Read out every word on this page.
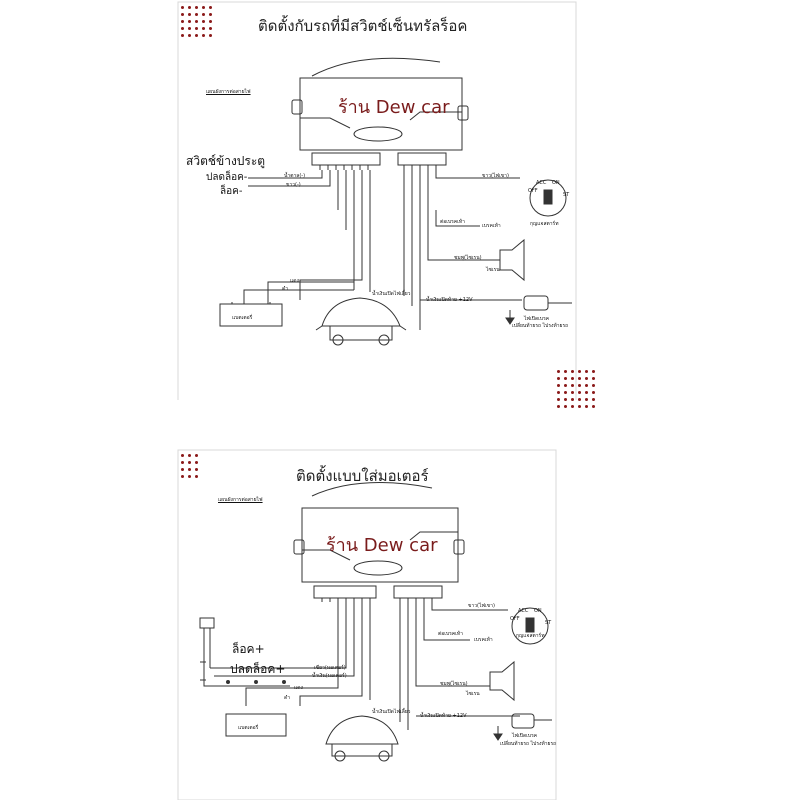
ติดตั้งกับรถที่มีสวิตช์เซ็นทรัลร็อค
แผนผังการต่อสายไฟ
ร้าน Dew car
สวิตช์ข้างประตู
ปลดล็อค-
ล็อค-
น้ำตาล(-)
ขาว(-)
แดง
ดำ
แบตเตอรี่
ขาว(ไฟเขา)
กุญแจสตาร์ท
OFF
ACC ON
ST
ต่อเบรคเท้า
เบรคเท้า
ชมพู(ไซเรน)
ไซเรน
น้ำเงินเปิดไฟเลี้ยว
น้ำเงินเปิดท้าย +12V
ไฟเปิดเบรค
เปลี่ยนท้ายรถ ไปรงท้ายรถ
ติดตั้งแบบใส่มอเตอร์
แผนผังการต่อสายไฟ
ร้าน Dew car
ล็อค+
ปลดล็อค+	เขียว(มอเตอร์)
น้ำเงิน(มอเตอร์)
แดง
ดำ
แบตเตอรี่
ขาว(ไฟเขา)
กุญแจสตาร์ท
OFF
ACC ON
ST
ต่อเบรคเท้า
เบรคเท้า
ชมพู(ไซเรน)
ไซเรน
น้ำเงินเปิดไฟเลี้ยว
น้ำเงินเปิดท้าย +12V
ไฟเปิดเบรค
เปลี่ยนท้ายรถ ไปรงท้ายรถ
